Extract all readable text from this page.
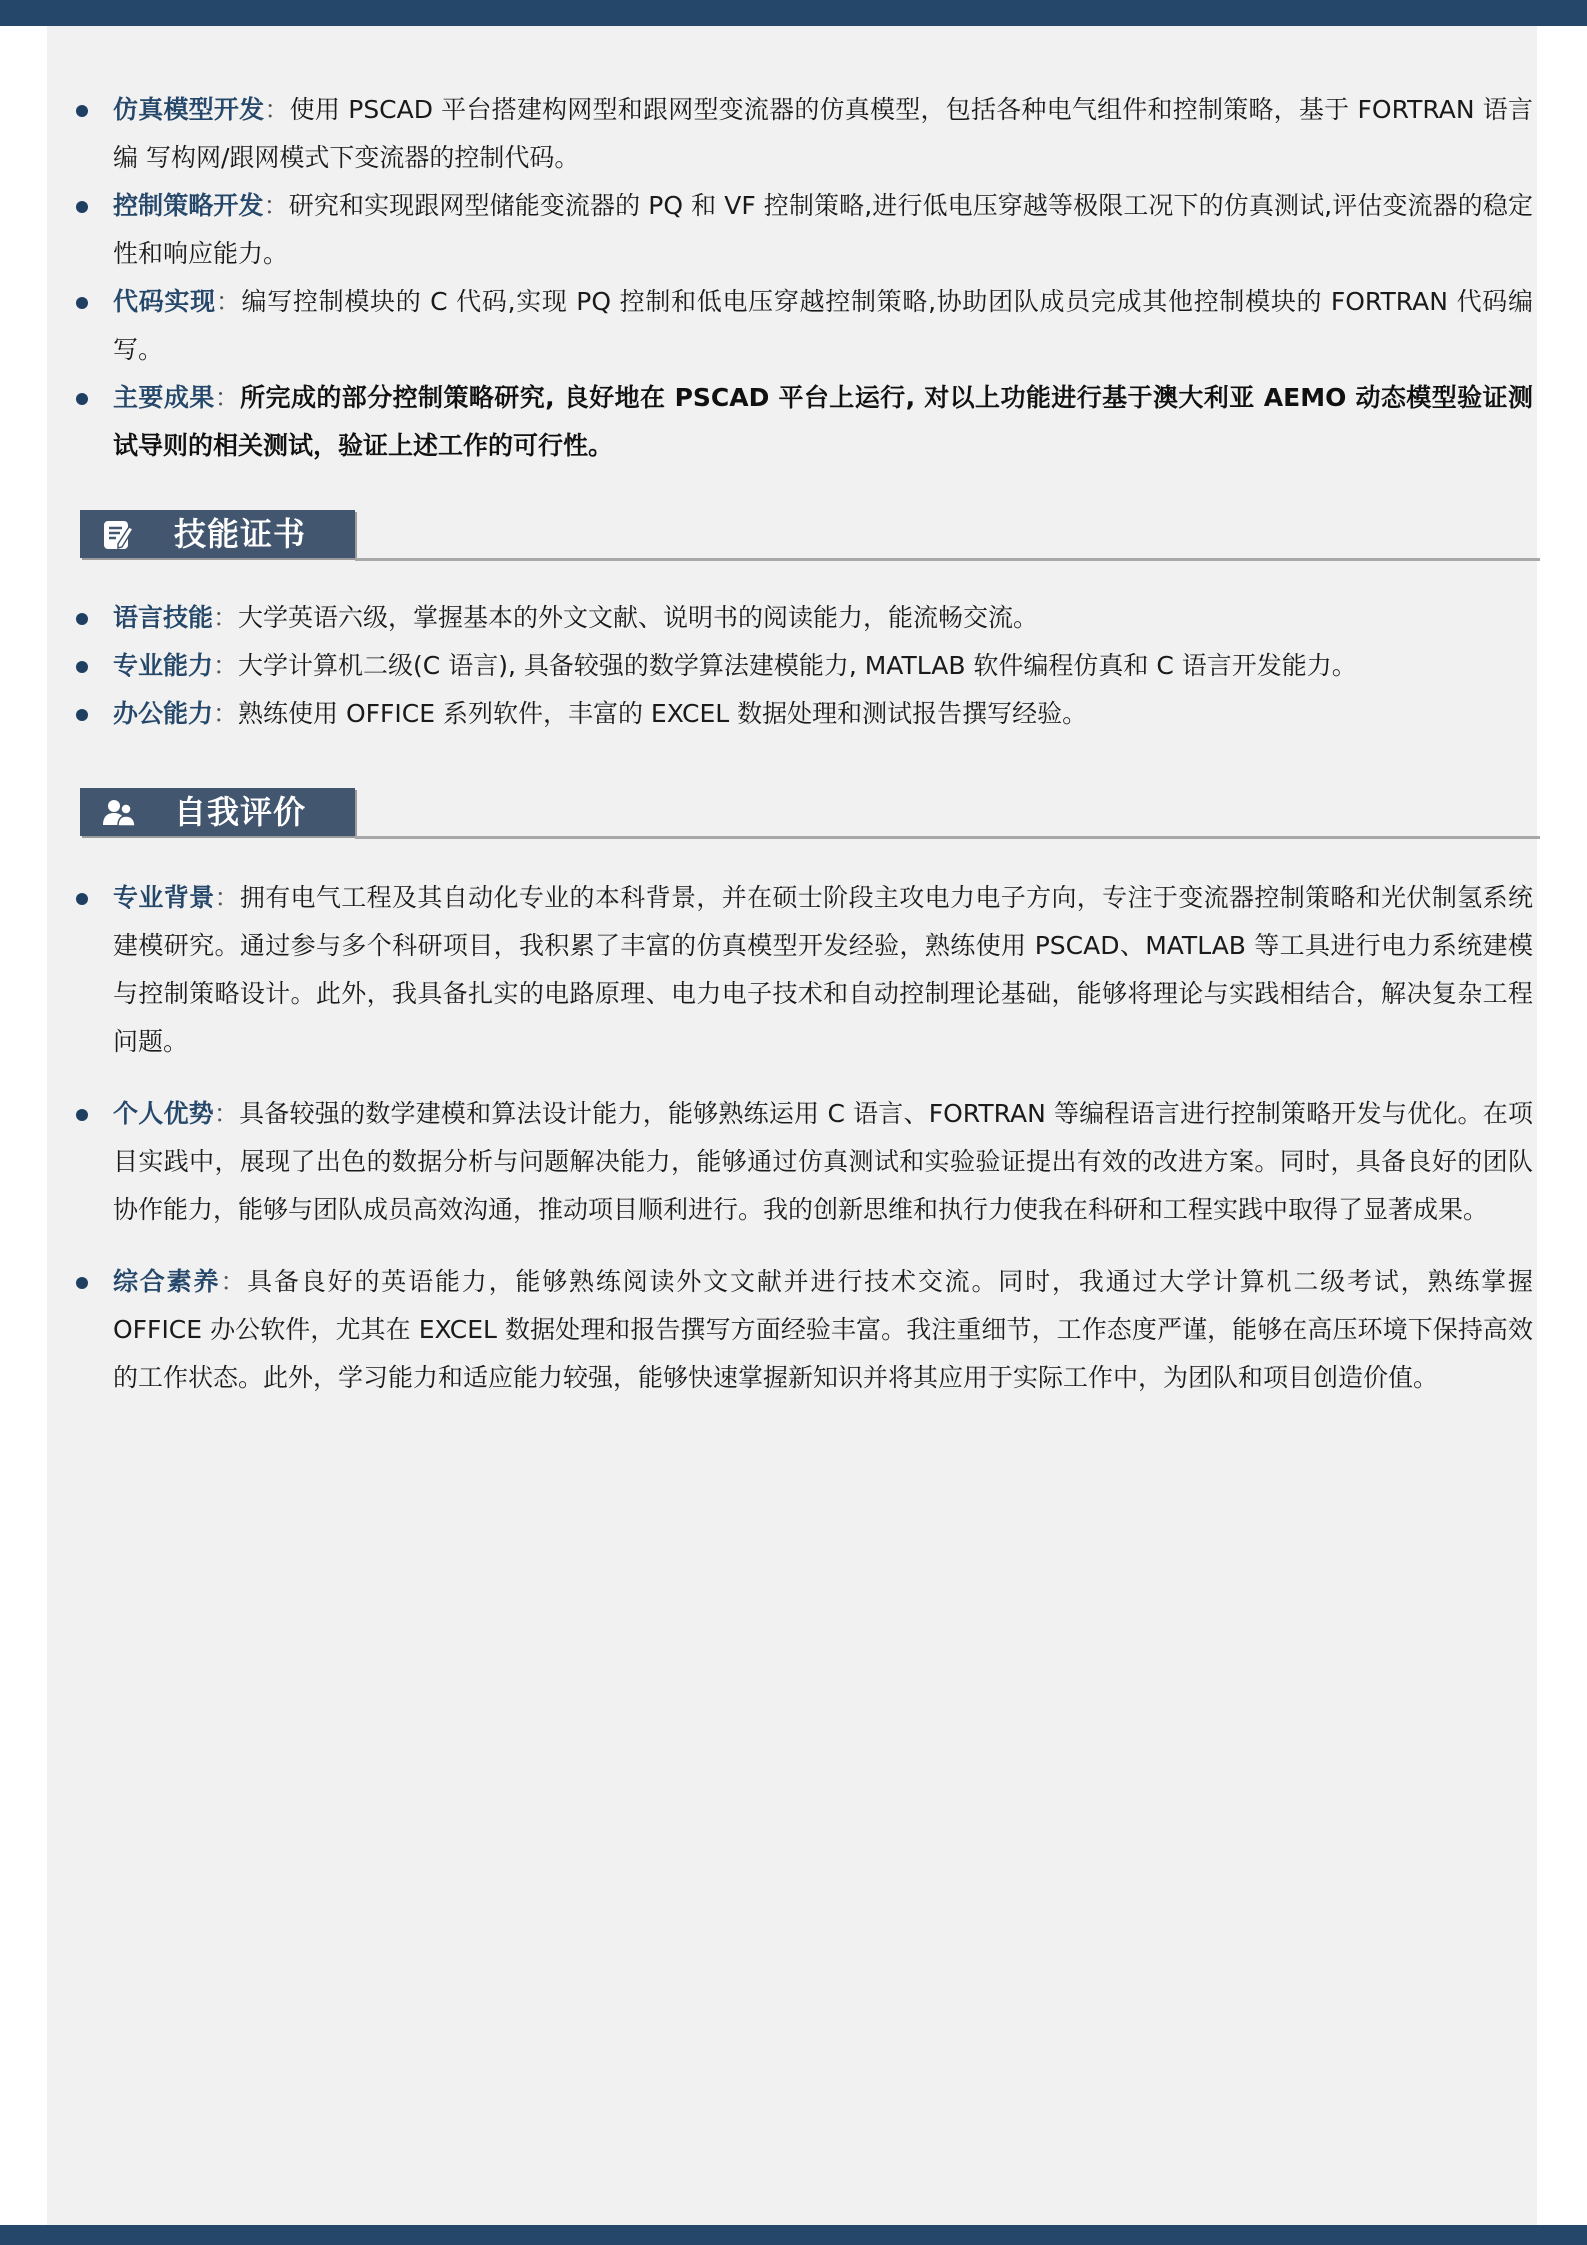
仿真模型开发：使用 PSCAD 平台搭建构网型和跟网型变流器的仿真模型，包括各种电气组件和控制策略，基于 FORTRAN 语言编 写构网/跟网模式下变流器的控制代码。
控制策略开发：研究和实现跟网型储能变流器的 PQ 和 VF 控制策略,进行低电压穿越等极限工况下的仿真测试,评估变流器的稳定性和响应能力。
代码实现：编写控制模块的 C 代码,实现 PQ 控制和低电压穿越控制策略,协助团队成员完成其他控制模块的 FORTRAN 代码编写。
主要成果：所完成的部分控制策略研究, 良好地在 PSCAD 平台上运行, 对以上功能进行基于澳大利亚 AEMO 动态模型验证测试导则的相关测试，验证上述工作的可行性。
技能证书
语言技能：大学英语六级，掌握基本的外文文献、说明书的阅读能力，能流畅交流。
专业能力：大学计算机二级(C 语言), 具备较强的数学算法建模能力, MATLAB 软件编程仿真和 C 语言开发能力。
办公能力：熟练使用 OFFICE 系列软件，丰富的 EXCEL 数据处理和测试报告撰写经验。
自我评价
专业背景：拥有电气工程及其自动化专业的本科背景，并在硕士阶段主攻电力电子方向，专注于变流器控制策略和光伏制氢系统建模研究。通过参与多个科研项目，我积累了丰富的仿真模型开发经验，熟练使用 PSCAD、MATLAB 等工具进行电力系统建模与控制策略设计。此外，我具备扎实的电路原理、电力电子技术和自动控制理论基础，能够将理论与实践相结合，解决复杂工程问题。
个人优势：具备较强的数学建模和算法设计能力，能够熟练运用 C 语言、FORTRAN 等编程语言进行控制策略开发与优化。在项目实践中，展现了出色的数据分析与问题解决能力，能够通过仿真测试和实验验证提出有效的改进方案。同时，具备良好的团队协作能力，能够与团队成员高效沟通，推动项目顺利进行。我的创新思维和执行力使我在科研和工程实践中取得了显著成果。
综合素养：具备良好的英语能力，能够熟练阅读外文文献并进行技术交流。同时，我通过大学计算机二级考试，熟练掌握 OFFICE 办公软件，尤其在 EXCEL 数据处理和报告撰写方面经验丰富。我注重细节，工作态度严谨，能够在高压环境下保持高效的工作状态。此外，学习能力和适应能力较强，能够快速掌握新知识并将其应用于实际工作中，为团队和项目创造价值。
